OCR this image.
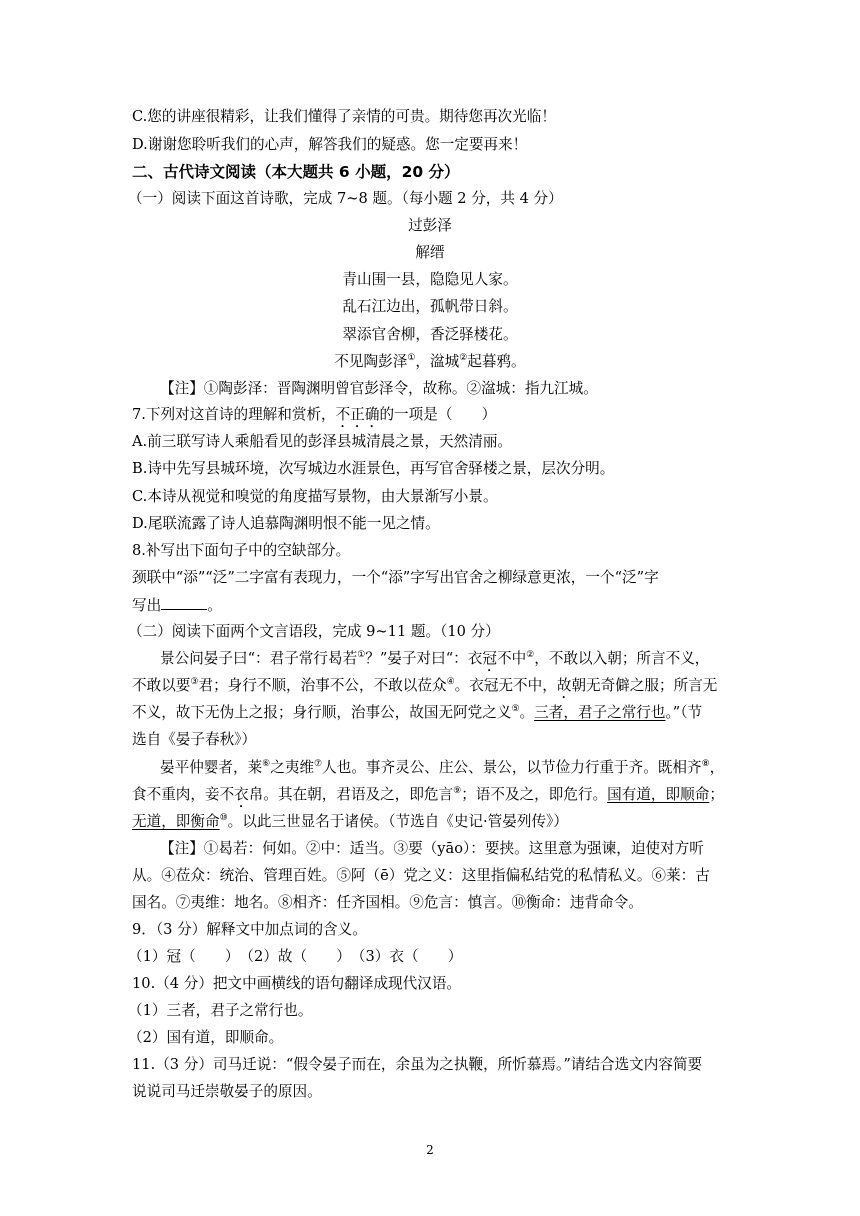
C.您的讲座很精彩，让我们懂得了亲情的可贵。期待您再次光临！
D.谢谢您聆听我们的心声，解答我们的疑惑。您一定要再来！
二、古代诗文阅读（本大题共 6 小题，20 分）
（一）阅读下面这首诗歌，完成 7~8 题。（每小题 2 分，共 4 分）
过彭泽
解缙
青山围一县，隐隐见人家。
乱石江边出，孤帆带日斜。
翠添官舍柳，香泛驿楼花。
不见陶彭泽①，湓城②起暮鸦。
【注】①陶彭泽：晋陶渊明曾官彭泽令，故称。②湓城：指九江城。
7.下列对这首诗的理解和赏析，不正确的一项是（　　）
A.前三联写诗人乘船看见的彭泽县城清晨之景，天然清丽。
B.诗中先写县城环境，次写城边水涯景色，再写官舍驿楼之景，层次分明。
C.本诗从视觉和嗅觉的角度描写景物，由大景渐写小景。
D.尾联流露了诗人追慕陶渊明恨不能一见之情。
8.补写出下面句子中的空缺部分。
颈联中“添”“泛”二字富有表现力，一个“添”字写出官舍之柳绿意更浓，一个“泛”字
写出	。
（二）阅读下面两个文言语段，完成 9~11 题。（10 分）
景公问晏子曰“：君子常行曷若①？”晏子对曰“：衣冠不中②，不敢以入朝；所言不义，
不敢以要③君；身行不顺，治事不公，不敢以莅众④。衣冠无不中，故朝无奇僻之服；所言无
不义，故下无伪上之报；身行顺，治事公，故国无阿党之义⑤。三者，君子之常行也。”（节
选自《晏子春秋》）
晏平仲婴者，莱⑥之夷维⑦人也。事齐灵公、庄公、景公，以节俭力行重于齐。既相齐⑧，
食不重肉，妾不衣帛。其在朝，君语及之，即危言⑨；语不及之，即危行。国有道，即顺命；
无道，即衡命⑩。以此三世显名于诸侯。（节选自《史记·管晏列传》）
【注】①曷若：何如。②中：适当。③要（yāo）：要挟。这里意为强谏，迫使对方听
从。④莅众：统治、管理百姓。⑤阿（ē）党之义：这里指偏私结党的私情私义。⑥莱：古
国名。⑦夷维：地名。⑧相齐：任齐国相。⑨危言：慎言。⑩衡命：违背命令。
9．（3 分）解释文中加点词的含义。
（1）冠（　　）　（2）故（　　）　（3）衣（　　）
10.（4 分）把文中画横线的语句翻译成现代汉语。
（1）三者，君子之常行也。
（2）国有道，即顺命。
11.（3 分）司马迁说：“假令晏子而在，余虽为之执鞭，所忻慕焉。”请结合选文内容简要
说说司马迁崇敬晏子的原因。
2
